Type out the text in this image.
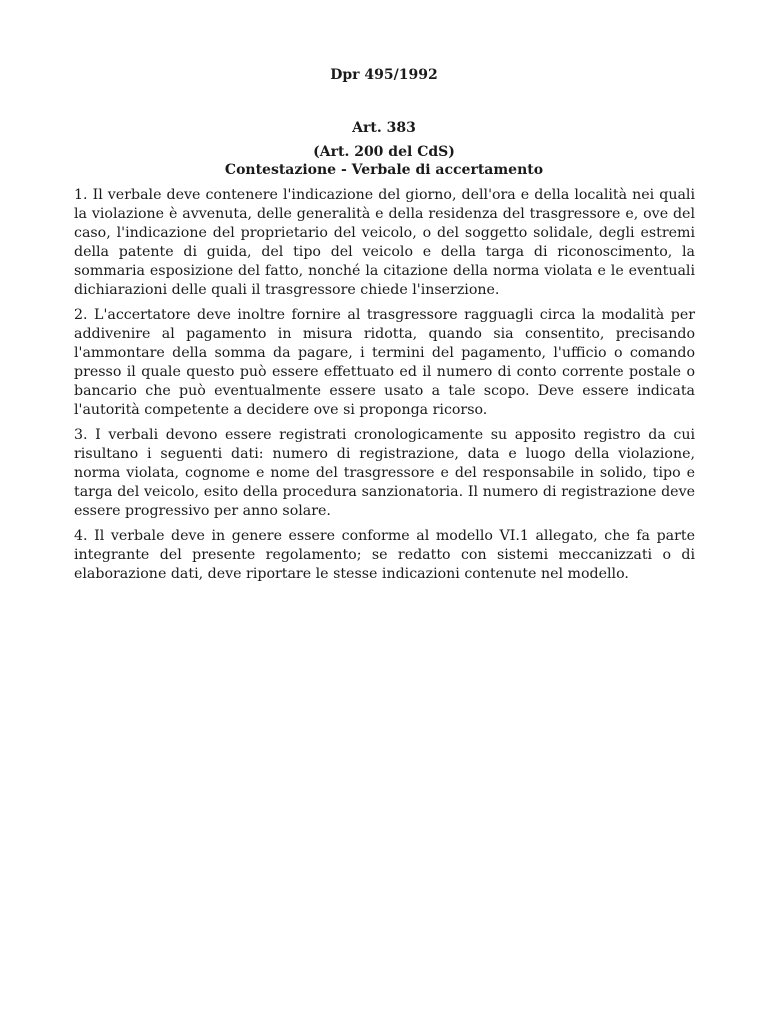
Dpr 495/1992
Art. 383
(Art. 200 del CdS)
Contestazione - Verbale di accertamento

1. Il verbale deve contenere l'indicazione del giorno, dell'ora e della località nei quali la violazione è avvenuta, delle generalità e della residenza del trasgressore e, ove del caso, l'indicazione del proprietario del veicolo, o del soggetto solidale, degli estremi della patente di guida, del tipo del veicolo e della targa di riconoscimento, la sommaria esposizione del fatto, nonché la citazione della norma violata e le eventuali dichiarazioni delle quali il trasgressore chiede l'inserzione.

2. L'accertatore deve inoltre fornire al trasgressore ragguagli circa la modalità per addivenire al pagamento in misura ridotta, quando sia consentito, precisando l'ammontare della somma da pagare, i termini del pagamento, l'ufficio o comando presso il quale questo può essere effettuato ed il numero di conto corrente postale o bancario che può eventualmente essere usato a tale scopo. Deve essere indicata l'autorità competente a decidere ove si proponga ricorso.

3. I verbali devono essere registrati cronologicamente su apposito registro da cui risultano i seguenti dati: numero di registrazione, data e luogo della violazione, norma violata, cognome e nome del trasgressore e del responsabile in solido, tipo e targa del veicolo, esito della procedura sanzionatoria. Il numero di registrazione deve essere progressivo per anno solare.

4. Il verbale deve in genere essere conforme al modello VI.1 allegato, che fa parte integrante del presente regolamento; se redatto con sistemi meccanizzati o di elaborazione dati, deve riportare le stesse indicazioni contenute nel modello.
